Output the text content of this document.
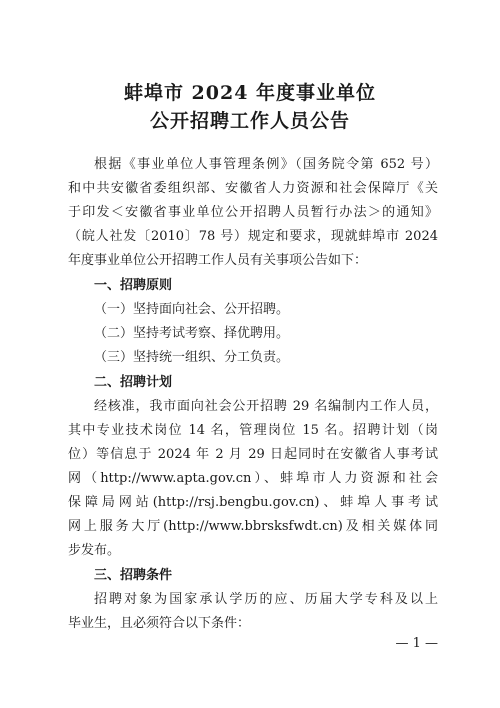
蚌埠市 2024 年度事业单位
公开招聘工作人员公告
根据《事业单位人事管理条例》（国务院令第 652 号）
和中共安徽省委组织部、安徽省人力资源和社会保障厅《关
于印发＜安徽省事业单位公开招聘人员暂行办法＞的通知》
（皖人社发〔2010〕78 号）规定和要求，现就蚌埠市 2024
年度事业单位公开招聘工作人员有关事项公告如下：
一、招聘原则
（一）坚持面向社会、公开招聘。
（二）坚持考试考察、择优聘用。
（三）坚持统一组织、分工负责。
二、招聘计划
经核准，我市面向社会公开招聘 29 名编制内工作人员，
其中专业技术岗位 14 名，管理岗位 15 名。招聘计划（岗
位）等信息于 2024 年 2 月 29 日起同时在安徽省人事考试
网（http://www.apta.gov.cn）、蚌埠市人力资源和社会
保障局网站(http://rsj.bengbu.gov.cn)、蚌埠人事考试
网上服务大厅(http://www.bbrsksfwdt.cn)及相关媒体同
步发布。
三、招聘条件
招聘对象为国家承认学历的应、历届大学专科及以上
毕业生，且必须符合以下条件：
— 1 —
